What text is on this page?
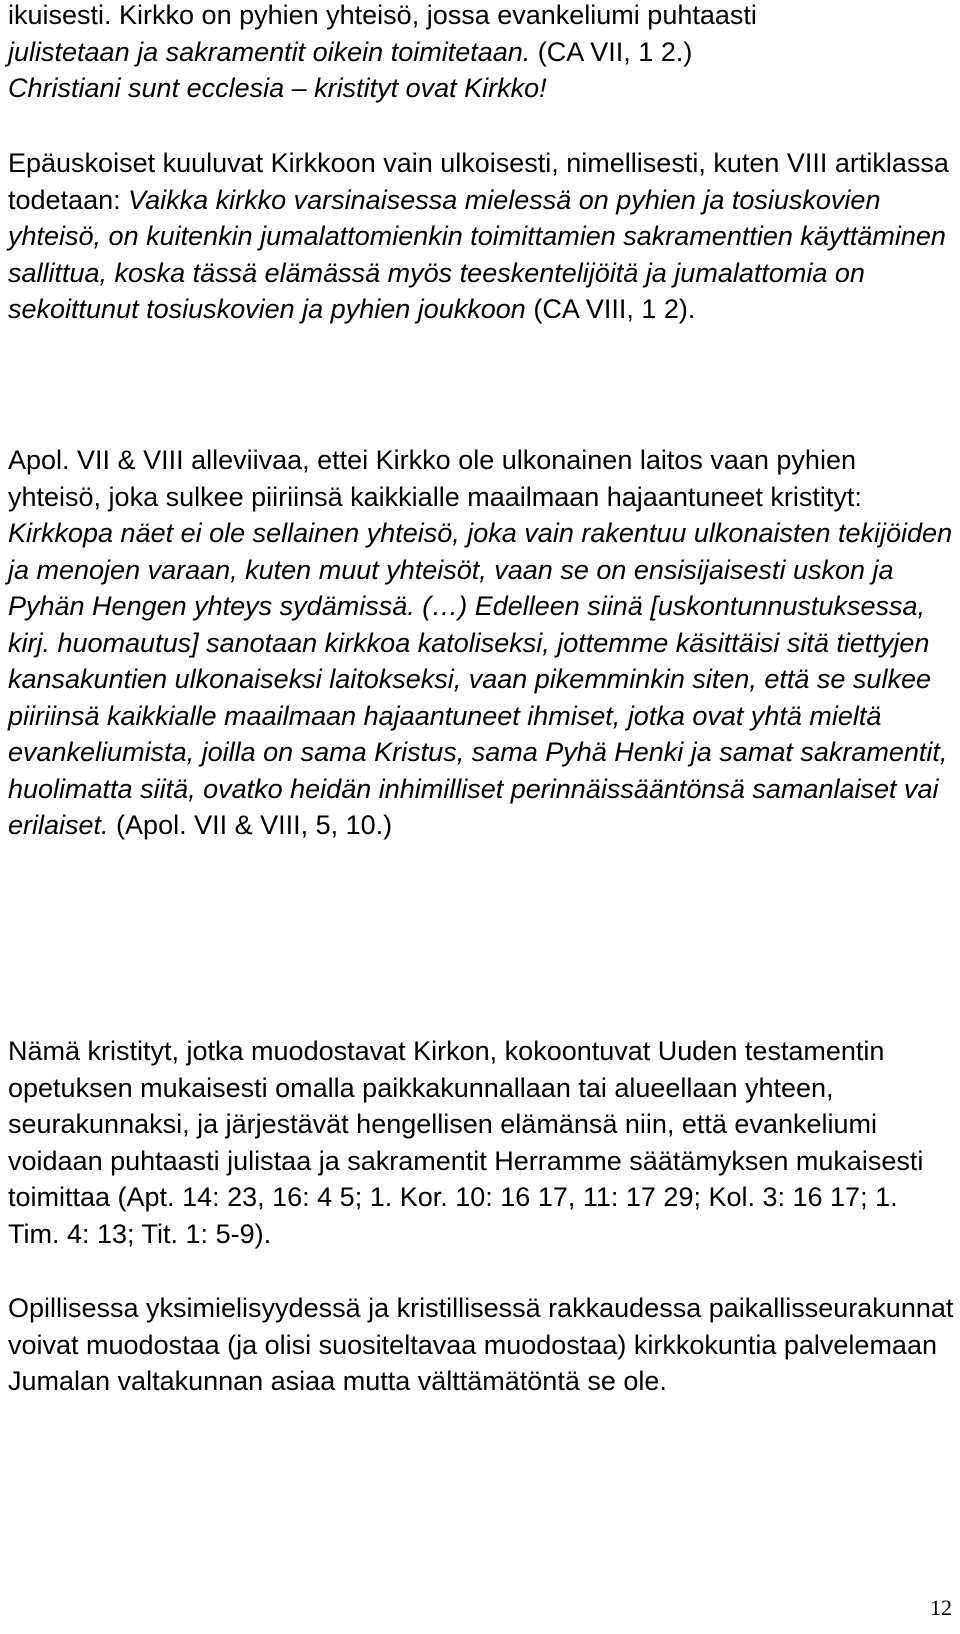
ikuisesti. Kirkko on pyhien yhteisö, jossa evankeliumi puhtaasti
julistetaan ja sakramentit oikein toimitetaan. (CA VII, 1 2.)
Christiani sunt ecclesia – kristityt ovat Kirkko!

Epäuskoiset kuuluvat Kirkkoon vain ulkoisesti, nimellisesti, kuten VIII artiklassa todetaan: Vaikka kirkko varsinaisessa mielessä on pyhien ja tosiuskovien yhteisö, on kuitenkin jumalattomienkin toimittamien sakramenttien käyttäminen sallittua, koska tässä elämässä myös teeskentelijöitä ja jumalattomia on sekoittunut tosiuskovien ja pyhien joukkoon (CA VIII, 1 2).

Apol. VII & VIII alleviivaa, ettei Kirkko ole ulkonainen laitos vaan pyhien yhteisö, joka sulkee piiriinsä kaikkialle maailmaan hajaantuneet kristityt: Kirkkopa näet ei ole sellainen yhteisö, joka vain rakentuu ulkonaisten tekijöiden ja menojen varaan, kuten muut yhteisöt, vaan se on ensisijaisesti uskon ja Pyhän Hengen yhteys sydämissä. (…) Edelleen siinä [uskontunnustuksessa, kirj. huomautus] sanotaan kirkkoa katoliseksi, jottemme käsittäisi sitä tiettyjen kansakuntien ulkonaiseksi laitokseksi, vaan pikemminkin siten, että se sulkee piiriinsä kaikkialle maailmaan hajaantuneet ihmiset, jotka ovat yhtä mieltä evankeliumista, joilla on sama Kristus, sama Pyhä Henki ja samat sakramentit, huolimatta siitä, ovatko heidän inhimilliset perinnäissääntönsä samanlaiset vai erilaiset. (Apol. VII & VIII, 5, 10.)

Nämä kristityt, jotka muodostavat Kirkon, kokoontuvat Uuden testamentin opetuksen mukaisesti omalla paikkakunnallaan tai alueellaan yhteen, seurakunnaksi, ja järjestävät hengellisen elämänsä niin, että evankeliumi voidaan puhtaasti julistaa ja sakramentit Herramme säätämyksen mukaisesti toimittaa (Apt. 14: 23, 16: 4 5; 1. Kor. 10: 16 17, 11: 17 29; Kol. 3: 16 17; 1. Tim. 4: 13; Tit. 1: 5-9).

Opillisessa yksimielisyydessä ja kristillisessä rakkaudessa paikallisseurakunnat voivat muodostaa (ja olisi suositeltavaa muodostaa) kirkkokuntia palvelemaan Jumalan valtakunnan asiaa mutta välttämätöntä se ole.

12
